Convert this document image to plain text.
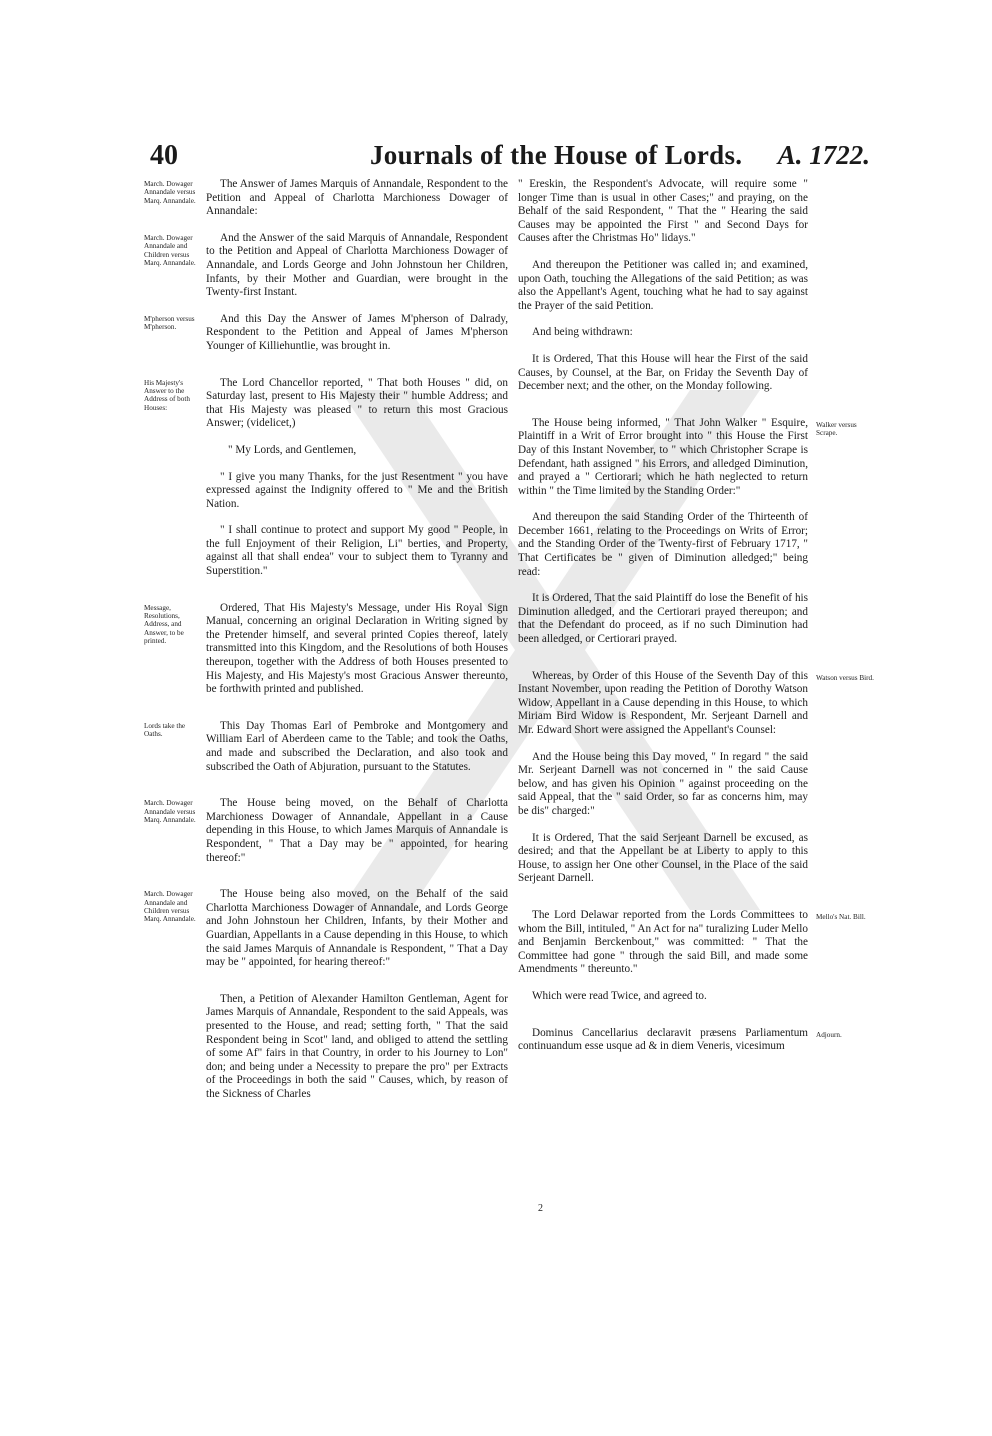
40	Journals of the House of Lords. A. 1722.
March. Dowager Annandale versus Marq. Annandale.

The Answer of James Marquis of Annandale, Respondent to the Petition and Appeal of Charlotta Marchioness Dowager of Annandale:

March. Dowager Annandale and Children versus Marq. Annandale.

And the Answer of the said Marquis of Annandale, Respondent to the Petition and Appeal of Charlotta Marchioness Dowager of Annandale, and Lords George and John Johnstoun her Children, Infants, by their Mother and Guardian, were brought in the Twenty-first Instant.

M'pherson versus M'pherson.

And this Day the Answer of James M'pherson of Dalrady, Respondent to the Petition and Appeal of James M'pherson Younger of Killiehuntlie, was brought in.

His Majesty's Answer to the Address of both Houses:

The Lord Chancellor reported, " That both Houses " did, on Saturday last, present to His Majesty their " humble Address; and that His Majesty was pleased " to return this most Gracious Answer; (videlicet,)

" My Lords, and Gentlemen,

" I give you many Thanks, for the just Resentment " you have expressed against the Indignity offered to " Me and the British Nation.

" I shall continue to protect and support My good " People, in the full Enjoyment of their Religion, Li" berties, and Property, against all that shall endea" vour to subject them to Tyranny and Superstition."

Message, Resolutions, Address, and Answer, to be printed.

Ordered, That His Majesty's Message, under His Royal Sign Manual, concerning an original Declaration in Writing signed by the Pretender himself, and several printed Copies thereof, lately transmitted into this Kingdom, and the Resolutions of both Houses thereupon, together with the Address of both Houses presented to His Majesty, and His Majesty's most Gracious Answer thereunto, be forthwith printed and published.

Lords take the Oaths.

This Day Thomas Earl of Pembroke and Montgomery and William Earl of Aberdeen came to the Table; and took the Oaths, and made and subscribed the Declaration, and also took and subscribed the Oath of Abjuration, pursuant to the Statutes.

March. Dowager Annandale versus Marq. Annandale.

The House being moved, on the Behalf of Charlotta Marchioness Dowager of Annandale, Appellant in a Cause depending in this House, to which James Marquis of Annandale is Respondent, " That a Day may be " appointed, for hearing thereof:"

March. Dowager Annandale and Children versus Marq. Annandale.

The House being also moved, on the Behalf of the said Charlotta Marchioness Dowager of Annandale, and Lords George and John Johnstoun her Children, Infants, by their Mother and Guardian, Appellants in a Cause depending in this House, to which the said James Marquis of Annandale is Respondent, " That a Day may be " appointed, for hearing thereof:"

Then, a Petition of Alexander Hamilton Gentleman, Agent for James Marquis of Annandale, Respondent to the said Appeals, was presented to the House, and read; setting forth, " That the said Respondent being in Scot" land, and obliged to attend the settling of some Af" fairs in that Country, in order to his Journey to Lon" don; and being under a Necessity to prepare the pro" per Extracts of the Proceedings in both the said " Causes, which, by reason of the Sickness of Charles

" Ereskin, the Respondent's Advocate, will require some " longer Time than is usual in other Cases;" and praying, on the Behalf of the said Respondent, " That the " Hearing the said Causes may be appointed the First " and Second Days for Causes after the Christmas Ho" lidays."

And thereupon the Petitioner was called in; and examined, upon Oath, touching the Allegations of the said Petition; as was also the Appellant's Agent, touching what he had to say against the Prayer of the said Petition.

And being withdrawn:

It is Ordered, That this House will hear the First of the said Causes, by Counsel, at the Bar, on Friday the Seventh Day of December next; and the other, on the Monday following.

Walker versus Scrape.

The House being informed, " That John Walker " Esquire, Plaintiff in a Writ of Error brought into " this House the First Day of this Instant November, to " which Christopher Scrape is Defendant, hath assigned " his Errors, and alledged Diminution, and prayed a " Certiorari; which he hath neglected to return within " the Time limited by the Standing Order:"

And thereupon the said Standing Order of the Thirteenth of December 1661, relating to the Proceedings on Writs of Error; and the Standing Order of the Twenty-first of February 1717, " That Certificates be " given of Diminution alledged;" being read:

It is Ordered, That the said Plaintiff do lose the Benefit of his Diminution alledged, and the Certiorari prayed thereupon; and that the Defendant do proceed, as if no such Diminution had been alledged, or Certiorari prayed.

Watson versus Bird.

Whereas, by Order of this House of the Seventh Day of this Instant November, upon reading the Petition of Dorothy Watson Widow, Appellant in a Cause depending in this House, to which Miriam Bird Widow is Respondent, Mr. Serjeant Darnell and Mr. Edward Short were assigned the Appellant's Counsel:

And the House being this Day moved, " In regard " the said Mr. Serjeant Darnell was not concerned in " the said Cause below, and has given his Opinion " against proceeding on the said Appeal, that the " said Order, so far as concerns him, may be dis" charged:"

It is Ordered, That the said Serjeant Darnell be excused, as desired; and that the Appellant be at Liberty to apply to this House, to assign her One other Counsel, in the Place of the said Serjeant Darnell.

Mello's Nat. Bill.

The Lord Delawar reported from the Lords Committees to whom the Bill, intituled, " An Act for na" turalizing Luder Mello and Benjamin Berckenbout," was committed: " That the Committee had gone " through the said Bill, and made some Amendments " thereunto."

Which were read Twice, and agreed to.

Adjourn.

Dominus Cancellarius declaravit præsens Parliamentum continuandum esse usque ad & in diem Veneris, vicesimum

2
